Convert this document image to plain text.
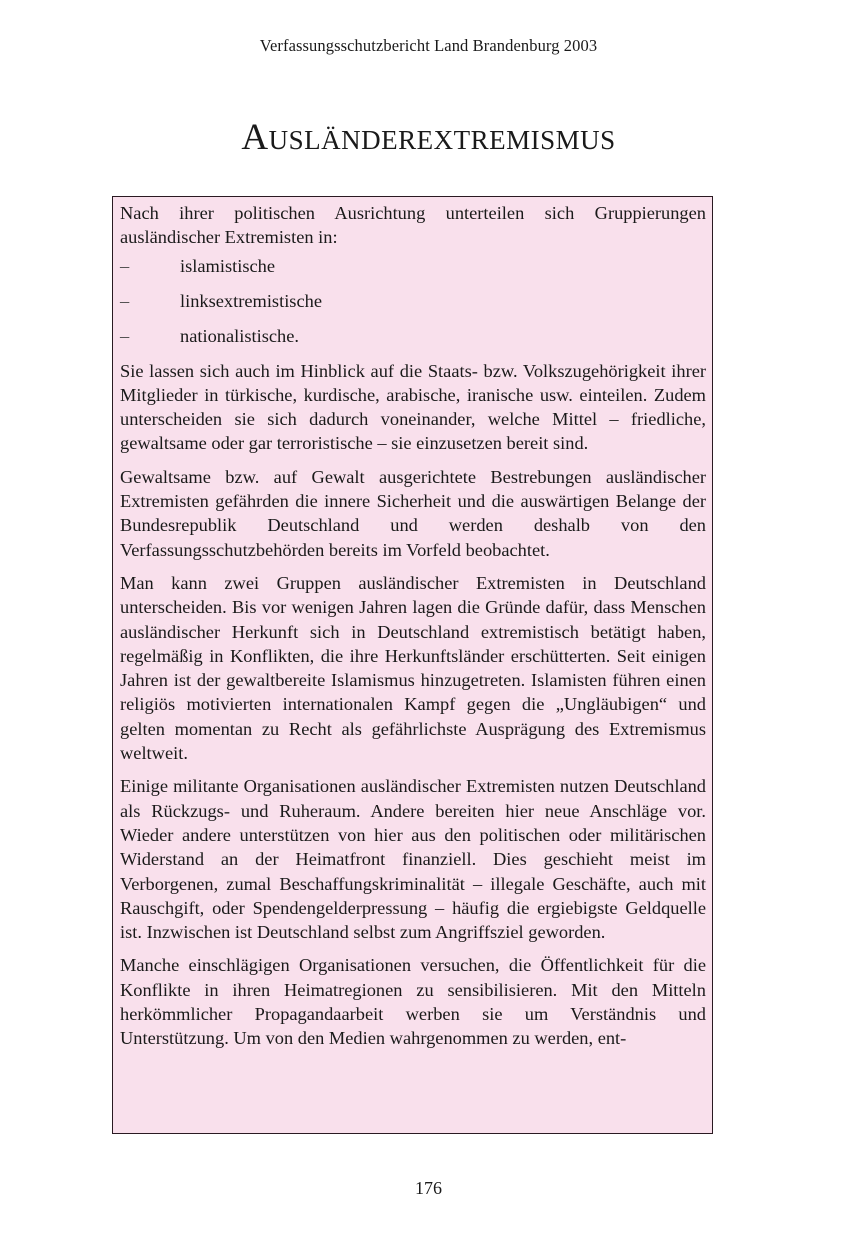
Verfassungsschutzbericht Land Brandenburg 2003
AUSLÄNDEREXTREMISMUS

Nach ihrer politischen Ausrichtung unterteilen sich Gruppierungen ausländischer Extremisten in:

–	islamistische
–	linksextremistische
–	nationalistische.

Sie lassen sich auch im Hinblick auf die Staats- bzw. Volkszugehörigkeit ihrer Mitglieder in türkische, kurdische, arabische, iranische usw. einteilen. Zudem unterscheiden sie sich dadurch voneinander, welche Mittel – friedliche, gewaltsame oder gar terroristische – sie einzusetzen bereit sind.

Gewaltsame bzw. auf Gewalt ausgerichtete Bestrebungen ausländischer Extremisten gefährden die innere Sicherheit und die auswärtigen Belange der Bundesrepublik Deutschland und werden deshalb von den Verfassungsschutzbehörden bereits im Vorfeld beobachtet.

Man kann zwei Gruppen ausländischer Extremisten in Deutschland unterscheiden. Bis vor wenigen Jahren lagen die Gründe dafür, dass Menschen ausländischer Herkunft sich in Deutschland extremistisch betätigt haben, regelmäßig in Konflikten, die ihre Herkunftsländer erschütterten. Seit einigen Jahren ist der gewaltbereite Islamismus hinzugetreten. Islamisten führen einen religiös motivierten internationalen Kampf gegen die „Ungläubigen“ und gelten momentan zu Recht als gefährlichste Ausprägung des Extremismus weltweit.

Einige militante Organisationen ausländischer Extremisten nutzen Deutschland als Rückzugs- und Ruheraum. Andere bereiten hier neue Anschläge vor. Wieder andere unterstützen von hier aus den politischen oder militärischen Widerstand an der Heimatfront finanziell. Dies geschieht meist im Verborgenen, zumal Beschaffungskriminalität – illegale Geschäfte, auch mit Rauschgift, oder Spendengelderpressung – häufig die ergiebigste Geldquelle ist. Inzwischen ist Deutschland selbst zum Angriffsziel geworden.

Manche einschlägigen Organisationen versuchen, die Öffentlichkeit für die Konflikte in ihren Heimatregionen zu sensibilisieren. Mit den Mitteln herkömmlicher Propagandaarbeit werben sie um Verständnis und Unterstützung. Um von den Medien wahrgenommen zu werden, ent-

176
